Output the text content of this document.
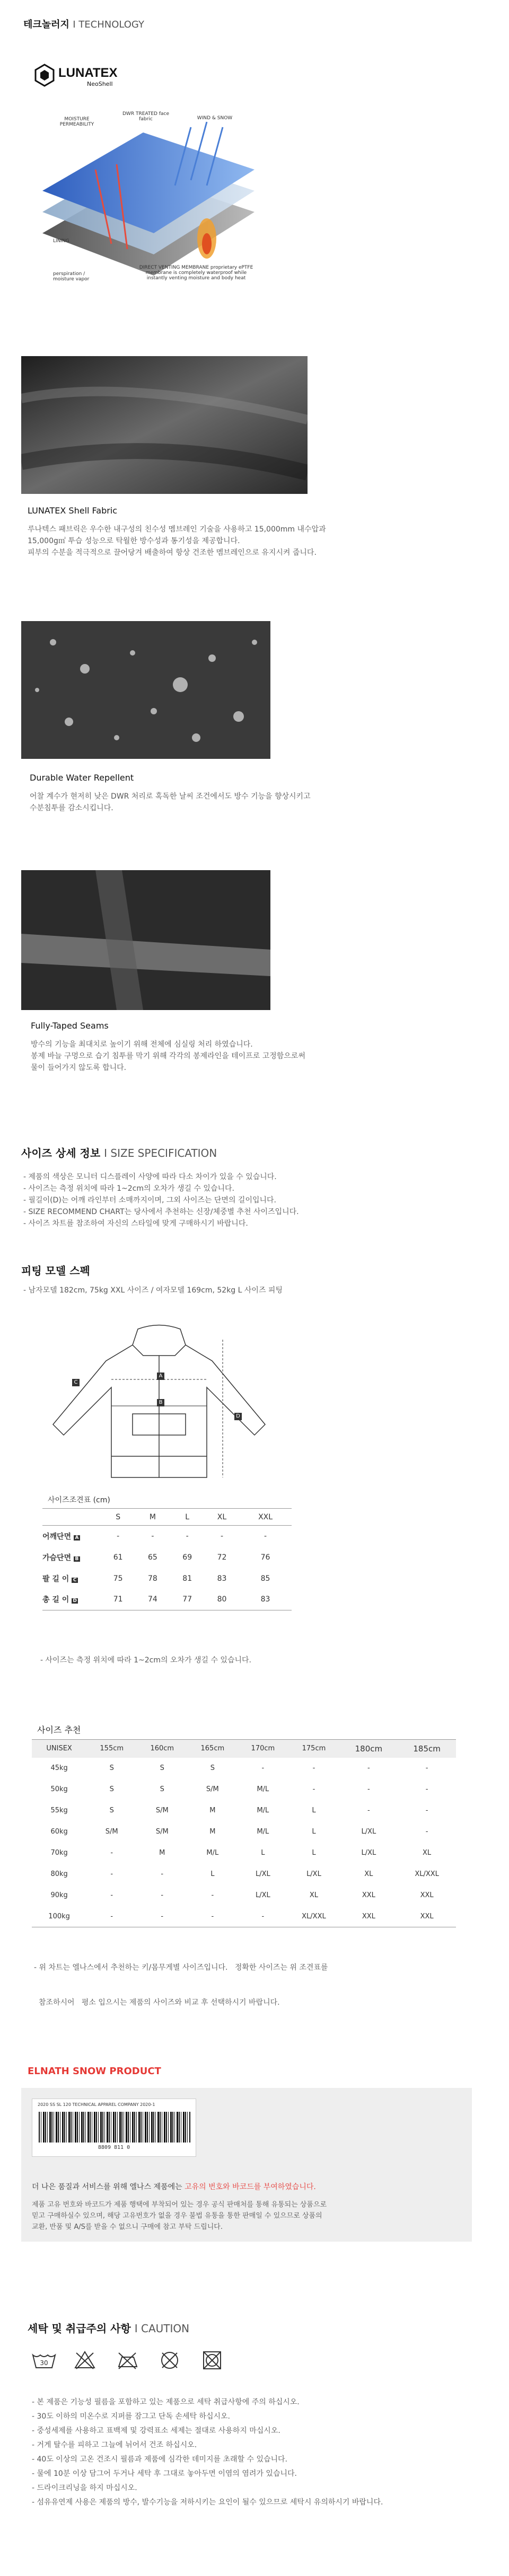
테크놀러지 I TECHNOLOGY
LUNATEX
NeoShell
MOISTURE PERMEABILITY
DWR TREATED face fabric	WIND & SNOW
LINING
perspiration / moisture vapor
DIRECT VENTING MEMBRANE proprietary ePTFE membrane is completely waterproof while instantly venting moisture and body heat
LUNATEX Shell Fabric
루나텍스 패브릭은 우수한 내구성의 친수성 멤브레인 기술을 사용하고 15,000mm 내수압과
15,000g㎡ 투습 성능으로 탁월한 방수성과 통기성을 제공합니다.
피부의 수분을 적극적으로 끌어당겨 배출하여 항상 건조한 멤브레인으로 유지시켜 줍니다.
Durable Water Repellent
어찰 계수가 현저히 낮은 DWR 처리로 혹독한 날씨 조건에서도 방수 기능을 향상시키고
수분침투를 감소시킵니다.
Fully-Taped Seams
방수의 기능을 최대치로 높이기 위해 전체에 심실링 처리 하였습니다.
봉제 바늘 구멍으로 습기 침투를 막기 위해 각각의 봉제라인을 테이프로 고정함으로써
물이 들어가지 않도록 합니다.
사이즈 상세 정보 I SIZE SPECIFICATION
- 제품의 색상은 모니터 디스플레이 사양에 따라 다소 차이가 있을 수 있습니다.
- 사이즈는 측정 위치에 따라 1~2cm의 오차가 생길 수 있습니다.
- 필길이(D)는 어깨 라인부터 소매까지이며, 그외 사이즈는 단면의 길이입니다.
- SIZE RECOMMEND CHART는 당사에서 추천하는 신장/체중별 추천 사이즈입니다.
- 사이즈 차트를 참조하여 자신의 스타일에 맞게 구매하시기 바랍니다.
피팅 모델 스펙
- 남자모델 182cm, 75kg XXL 사이즈 / 여자모델 169cm, 52kg L 사이즈 피팅
A
B
C
D
사이즈조견표 (cm)
	S	M	L	XL	XXL
어깨단면 A	-	-	-	-	-
가슴단면 B	61	65	69	72	76
팔 길 이 C	75	78	81	83	85
총 길 이 D	71	74	77	80	83
- 사이즈는 측정 위치에 따라 1~2cm의 오차가 생길 수 있습니다.
사이즈 추천
UNISEX	155cm	160cm	165cm	170cm	175cm	180cm	185cm
45kg	S	S	S	-	-	-	-
50kg	S	S	S/M	M/L	-	-	-
55kg	S	S/M	M	M/L	L	-	-
60kg	S/M	S/M	M	M/L	L	L/XL	-
70kg	-	M	M/L	L	L	L/XL	XL
80kg	-	-	L	L/XL	L/XL	XL	XL/XXL
90kg	-	-	-	L/XL	XL	XXL	XXL
100kg	-	-	-	-	XL/XXL	XXL	XXL

- 위 차트는 엘나스에서 추천하는 키/몸무게별 사이즈입니다.   정확한 사이즈는 위 조견표를

참조하시어   평소 입으시는 제품의 사이즈와 비교 후 선택하시기 바랍니다.

ELNATH SNOW PRODUCT
2020 SS SL 120 TECHNICAL APPAREL COMPANY 2020-1
8809 811 0
더 나은 품질과 서비스를 위해 엘나스 제품에는 고유의 번호와 바코드를 부여하였습니다.
제품 고유 번호와 바코드가 제품 행택에 부착되어 있는 경우 공식 판매처를 통해 유통되는 상품으로
믿고 구매하실수 있으며, 해당 고유번호가 없을 경우 불법 유통을 통한 판매일 수 있으므로 상품의
교환, 반품 및 A/S를 받을 수 없으니 구매에 참고 부탁 드립니다.
세탁 및 취급주의 사항 I CAUTION
30
- 본 제품은 기능성 필름을 포함하고 있는 제품으로 세탁 취급사항에 주의 하십시오.
- 30도 이하의 미온수로 지퍼를 잠그고 단독 손세탁 하십시오.
- 중성세제를 사용하고 표백제 및 강력표소 세제는 절대로 사용하지 마십시오.
- 거게 탈수를 피하고 그늘에 뉘어서 건조 하십시오.
- 40도 이상의 고온 건조시 필름과 제품에 심각한 데미지를 초래할 수 있습니다.
- 물에 10분 이상 담그어 두거나 세탁 후 그대로 놓아두면 이염의 염려가 있습니다.
- 드라이크리닝을 하지 마십시오.
- 섬유유연제 사용은 제품의 방수, 발수기능을 저하시키는 요인이 될수 있으므로 세탁시 유의하시기 바랍니다.
